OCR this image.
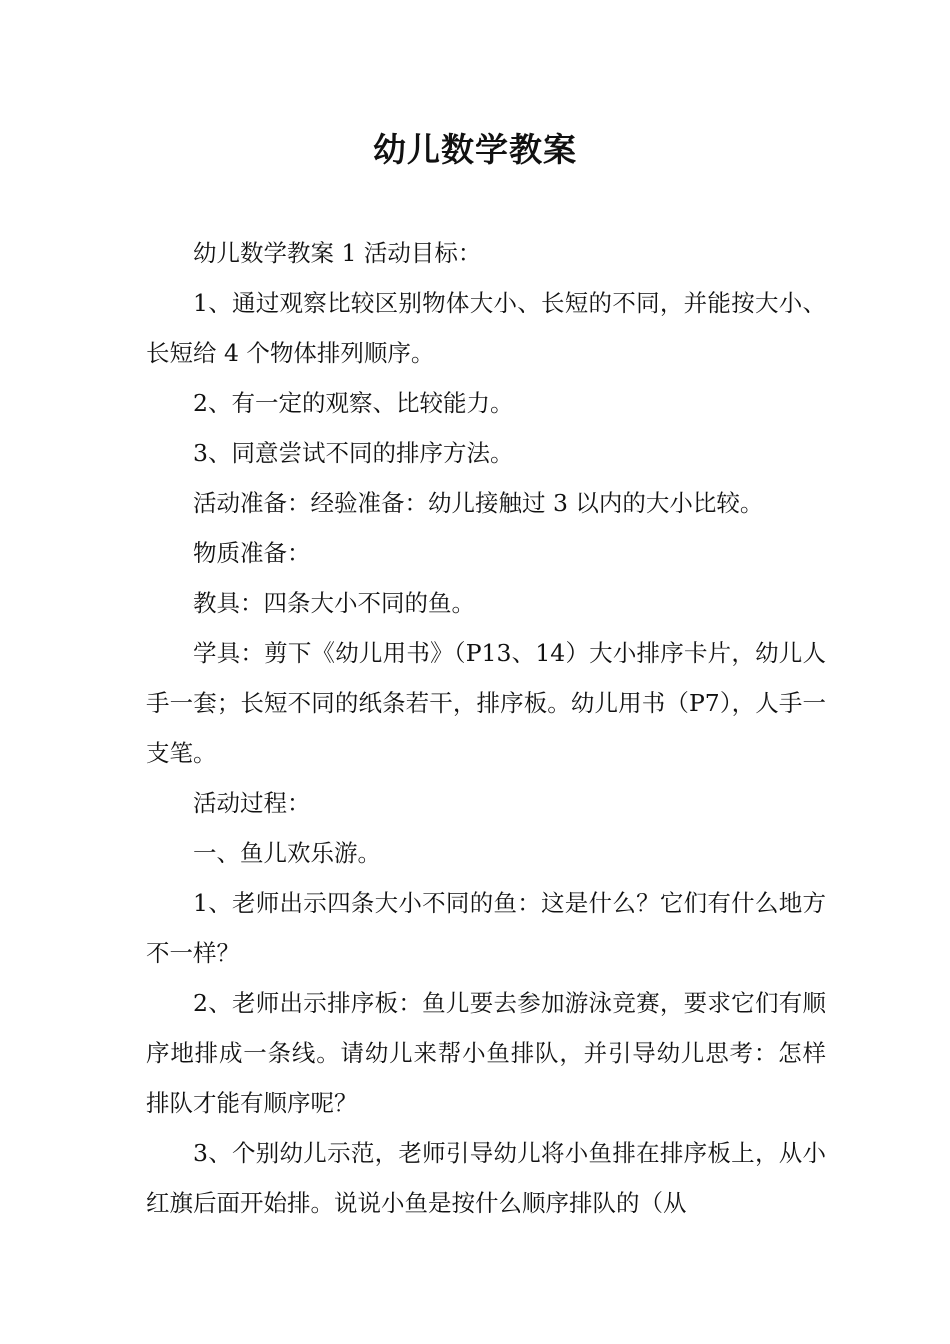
幼儿数学教案

幼儿数学教案 1 活动目标：

1、通过观察比较区别物体大小、长短的不同，并能按大小、长短给 4 个物体排列顺序。

2、有一定的观察、比较能力。

3、同意尝试不同的排序方法。

活动准备：经验准备：幼儿接触过 3 以内的大小比较。

物质准备：

教具：四条大小不同的鱼。

学具：剪下《幼儿用书》（P13、14）大小排序卡片，幼儿人手一套；长短不同的纸条若干，排序板。幼儿用书（P7），人手一支笔。

活动过程：

一、鱼儿欢乐游。

1、老师出示四条大小不同的鱼：这是什么？它们有什么地方不一样？

2、老师出示排序板：鱼儿要去参加游泳竞赛，要求它们有顺序地排成一条线。请幼儿来帮小鱼排队，并引导幼儿思考：怎样排队才能有顺序呢？

3、个别幼儿示范，老师引导幼儿将小鱼排在排序板上，从小红旗后面开始排。说说小鱼是按什么顺序排队的（从
